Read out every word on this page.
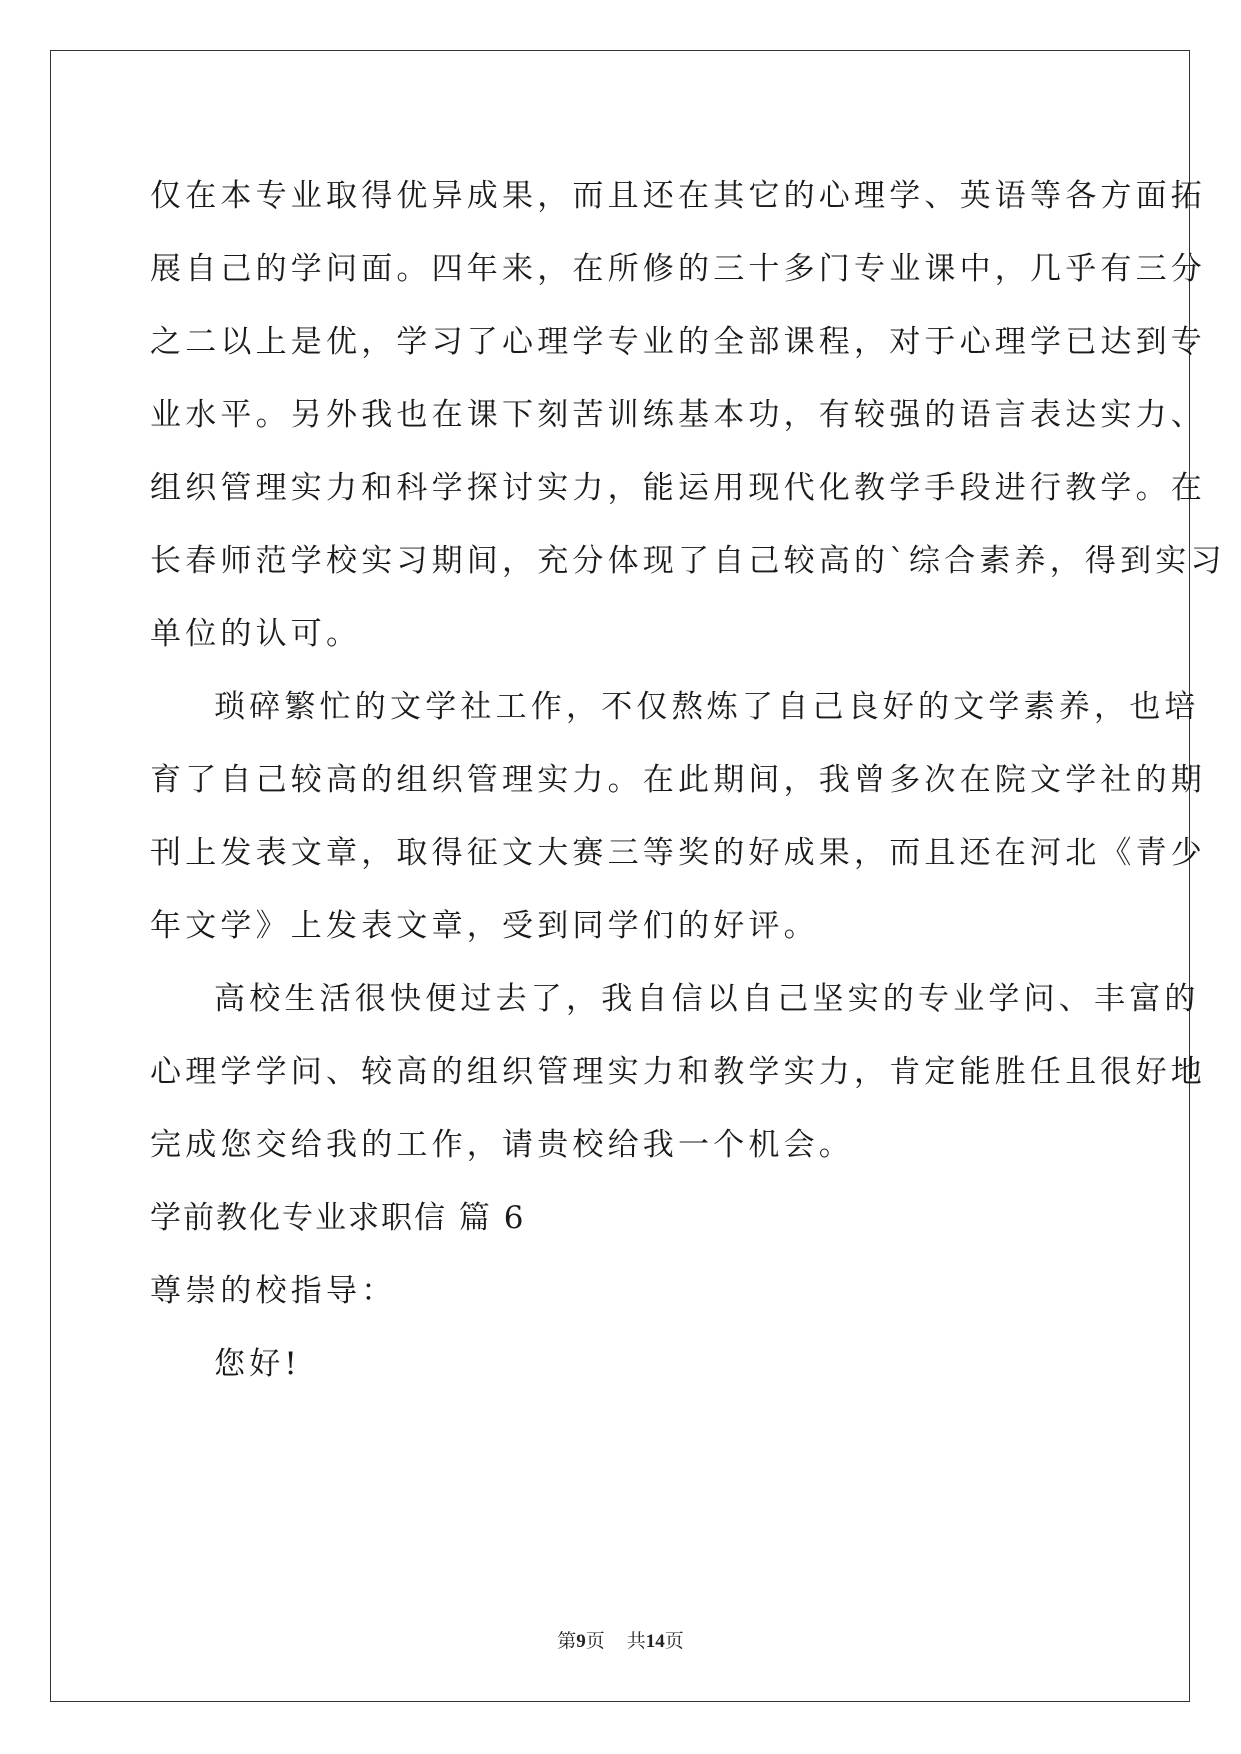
仅在本专业取得优异成果，而且还在其它的心理学、英语等各方面拓
展自己的学问面。四年来，在所修的三十多门专业课中，几乎有三分
之二以上是优，学习了心理学专业的全部课程，对于心理学已达到专
业水平。另外我也在课下刻苦训练基本功，有较强的语言表达实力、
组织管理实力和科学探讨实力，能运用现代化教学手段进行教学。在
长春师范学校实习期间，充分体现了自己较高的`综合素养，得到实习
单位的认可。
琐碎繁忙的文学社工作，不仅熬炼了自己良好的文学素养，也培
育了自己较高的组织管理实力。在此期间，我曾多次在院文学社的期
刊上发表文章，取得征文大赛三等奖的好成果，而且还在河北《青少
年文学》上发表文章，受到同学们的好评。
高校生活很快便过去了，我自信以自己坚实的专业学问、丰富的
心理学学问、较高的组织管理实力和教学实力，肯定能胜任且很好地
完成您交给我的工作，请贵校给我一个机会。
学前教化专业求职信 篇 6
尊崇的校指导：
您好!
第9页 共14页
